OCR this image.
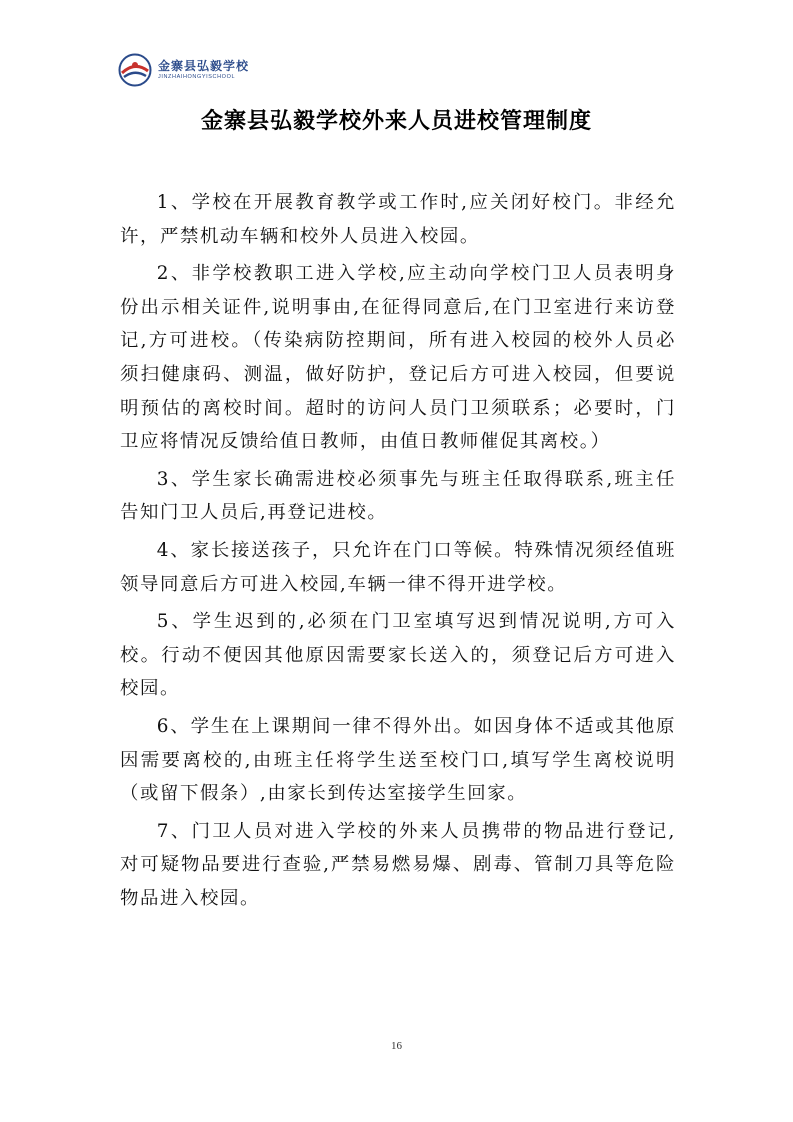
金寨县弘毅学校
JINZHAIHONGYISCHOOL
金寨县弘毅学校外来人员进校管理制度

1、学校在开展教育教学或工作时,应关闭好校门。非经允许，严禁机动车辆和校外人员进入校园。

2、非学校教职工进入学校,应主动向学校门卫人员表明身份出示相关证件,说明事由,在征得同意后,在门卫室进行来访登记,方可进校。（传染病防控期间，所有进入校园的校外人员必须扫健康码、测温，做好防护，登记后方可进入校园，但要说明预估的离校时间。超时的访问人员门卫须联系；必要时，门卫应将情况反馈给值日教师，由值日教师催促其离校。）

3、学生家长确需进校必须事先与班主任取得联系,班主任告知门卫人员后,再登记进校。

4、家长接送孩子，只允许在门口等候。特殊情况须经值班领导同意后方可进入校园,车辆一律不得开进学校。

5、学生迟到的,必须在门卫室填写迟到情况说明,方可入校。行动不便因其他原因需要家长送入的，须登记后方可进入校园。

6、学生在上课期间一律不得外出。如因身体不适或其他原因需要离校的,由班主任将学生送至校门口,填写学生离校说明（或留下假条）,由家长到传达室接学生回家。

7、门卫人员对进入学校的外来人员携带的物品进行登记,对可疑物品要进行查验,严禁易燃易爆、剧毒、管制刀具等危险物品进入校园。

16
